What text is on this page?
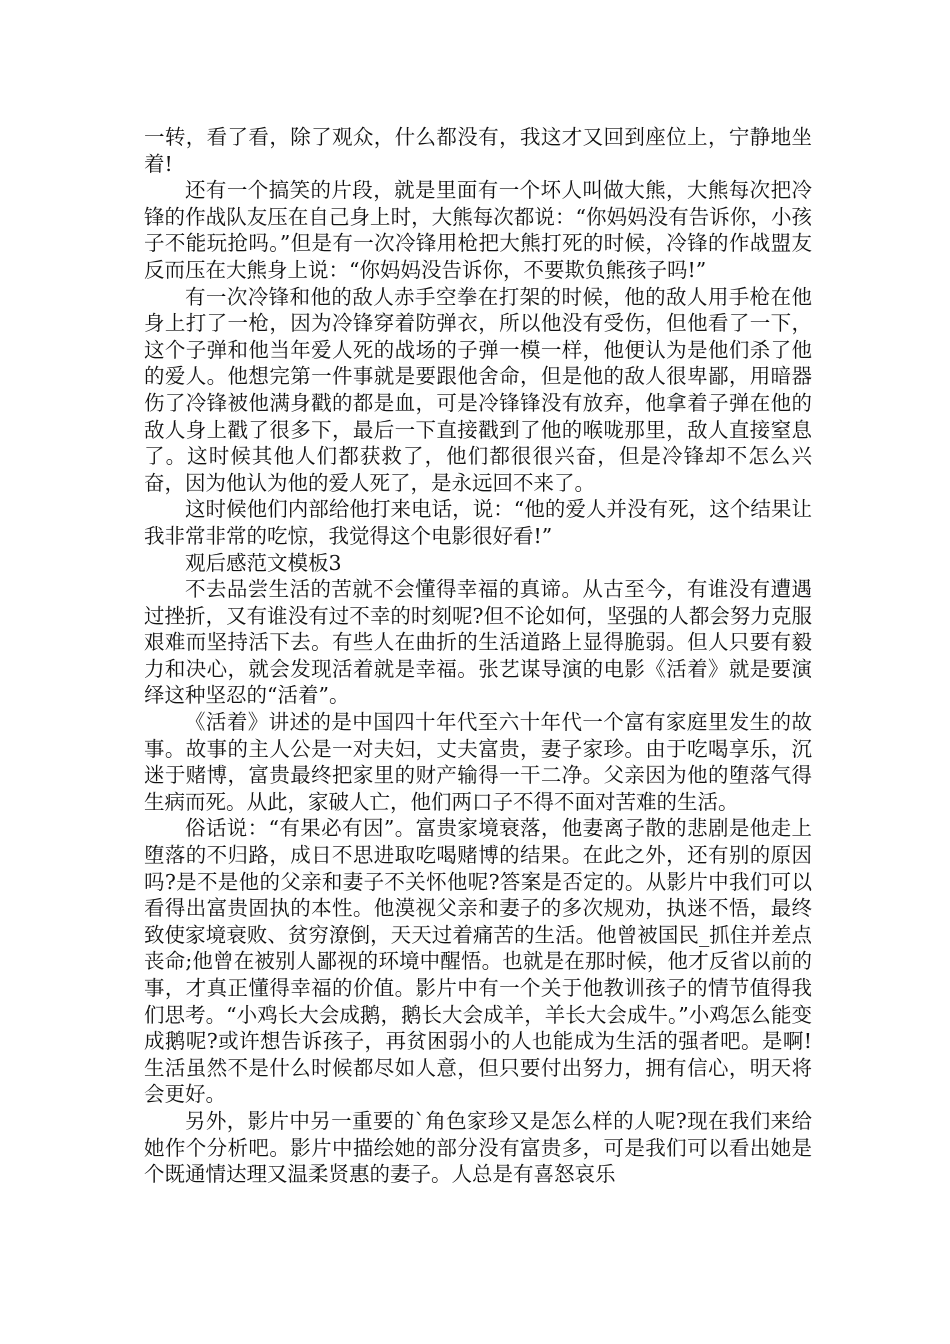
一转，看了看，除了观众，什么都没有，我这才又回到座位上，宁静地坐着!

还有一个搞笑的片段，就是里面有一个坏人叫做大熊，大熊每次把冷锋的作战队友压在自己身上时，大熊每次都说：“你妈妈没有告诉你，小孩子不能玩抢吗。”但是有一次冷锋用枪把大熊打死的时候，冷锋的作战盟友反而压在大熊身上说：“你妈妈没告诉你，不要欺负熊孩子吗!”

有一次冷锋和他的敌人赤手空拳在打架的时候，他的敌人用手枪在他身上打了一枪，因为冷锋穿着防弹衣，所以他没有受伤，但他看了一下，这个子弹和他当年爱人死的战场的子弹一模一样，他便认为是他们杀了他的爱人。他想完第一件事就是要跟他舍命，但是他的敌人很卑鄙，用暗器伤了冷锋被他满身戳的都是血，可是冷锋锋没有放弃，他拿着子弹在他的敌人身上戳了很多下，最后一下直接戳到了他的喉咙那里，敌人直接窒息了。这时候其他人们都获救了，他们都很很兴奋，但是冷锋却不怎么兴奋，因为他认为他的爱人死了，是永远回不来了。

这时候他们内部给他打来电话，说：“他的爱人并没有死，这个结果让我非常非常的吃惊，我觉得这个电影很好看!”

观后感范文模板3

不去品尝生活的苦就不会懂得幸福的真谛。从古至今，有谁没有遭遇过挫折，又有谁没有过不幸的时刻呢?但不论如何，坚强的人都会努力克服艰难而坚持活下去。有些人在曲折的生活道路上显得脆弱。但人只要有毅力和决心，就会发现活着就是幸福。张艺谋导演的电影《活着》就是要演绎这种坚忍的“活着”。

《活着》讲述的是中国四十年代至六十年代一个富有家庭里发生的故事。故事的主人公是一对夫妇，丈夫富贵，妻子家珍。由于吃喝享乐，沉迷于赌博，富贵最终把家里的财产输得一干二净。父亲因为他的堕落气得生病而死。从此，家破人亡，他们两口子不得不面对苦难的生活。

俗话说：“有果必有因”。富贵家境衰落，他妻离子散的悲剧是他走上堕落的不归路，成日不思进取吃喝赌博的结果。在此之外，还有别的原因吗?是不是他的父亲和妻子不关怀他呢?答案是否定的。从影片中我们可以看得出富贵固执的本性。他漠视父亲和妻子的多次规劝，执迷不悟，最终致使家境衰败、贫穷潦倒，天天过着痛苦的生活。他曾被国民_抓住并差点丧命;他曾在被别人鄙视的环境中醒悟。也就是在那时候，他才反省以前的事，才真正懂得幸福的价值。影片中有一个关于他教训孩子的情节值得我们思考。“小鸡长大会成鹅，鹅长大会成羊，羊长大会成牛。”小鸡怎么能变成鹅呢?或许想告诉孩子，再贫困弱小的人也能成为生活的强者吧。是啊!生活虽然不是什么时候都尽如人意，但只要付出努力，拥有信心，明天将会更好。

另外，影片中另一重要的`角色家珍又是怎么样的人呢?现在我们来给她作个分析吧。影片中描绘她的部分没有富贵多，可是我们可以看出她是个既通情达理又温柔贤惠的妻子。人总是有喜怒哀乐
